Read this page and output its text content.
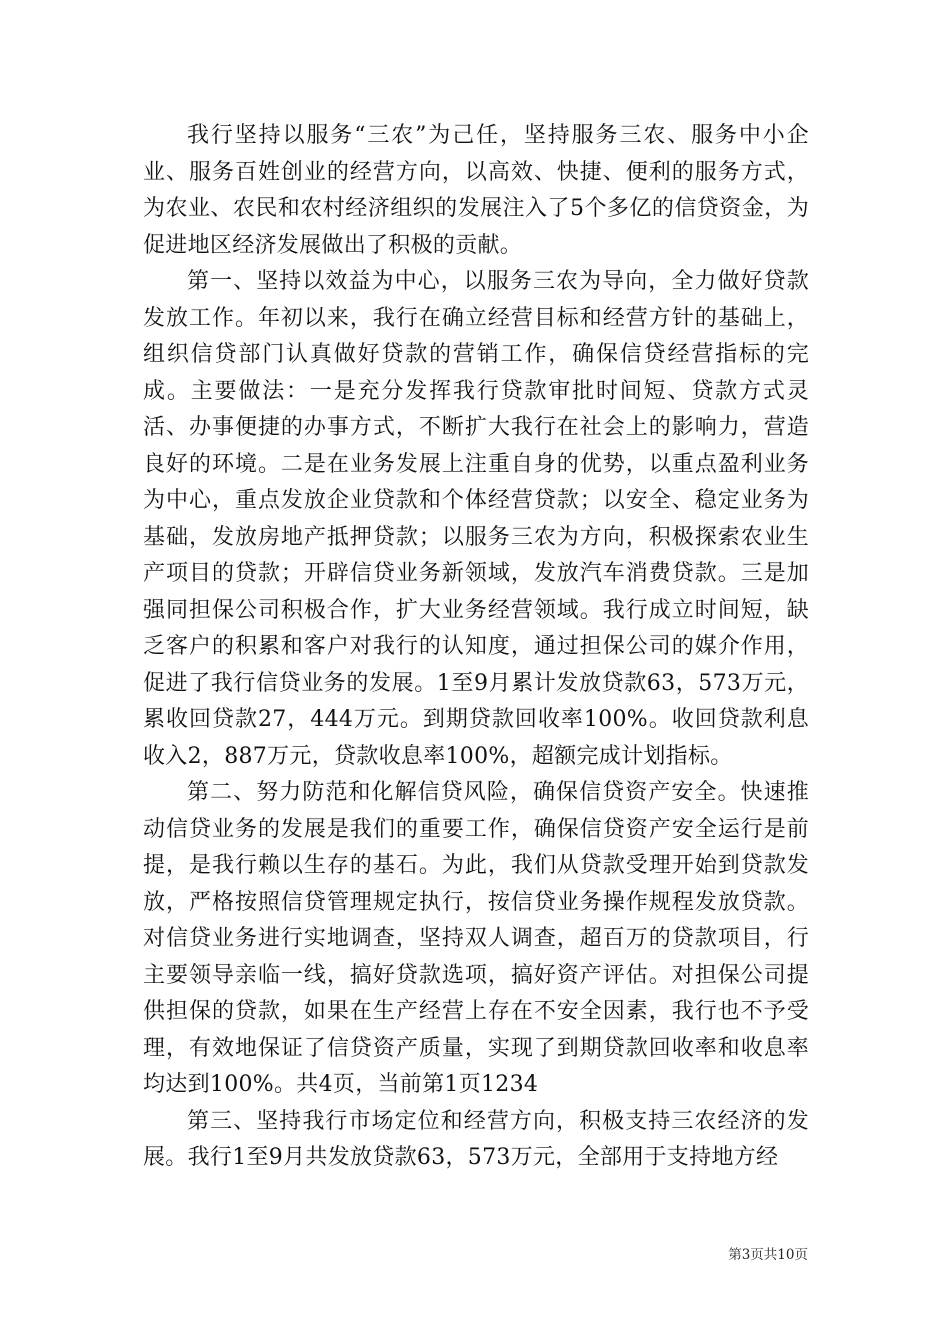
我行坚持以服务“三农”为己任，坚持服务三农、服务中小企业、服务百姓创业的经营方向，以高效、快捷、便利的服务方式，为农业、农民和农村经济组织的发展注入了5个多亿的信贷资金，为促进地区经济发展做出了积极的贡献。

第一、坚持以效益为中心，以服务三农为导向，全力做好贷款发放工作。年初以来，我行在确立经营目标和经营方针的基础上，组织信贷部门认真做好贷款的营销工作，确保信贷经营指标的完成。主要做法：一是充分发挥我行贷款审批时间短、贷款方式灵活、办事便捷的办事方式，不断扩大我行在社会上的影响力，营造良好的环境。二是在业务发展上注重自身的优势，以重点盈利业务为中心，重点发放企业贷款和个体经营贷款；以安全、稳定业务为基础，发放房地产抵押贷款；以服务三农为方向，积极探索农业生产项目的贷款；开辟信贷业务新领域，发放汽车消费贷款。三是加强同担保公司积极合作，扩大业务经营领域。我行成立时间短，缺乏客户的积累和客户对我行的认知度，通过担保公司的媒介作用，促进了我行信贷业务的发展。1至9月累计发放贷款63，573万元，累收回贷款27，444万元。到期贷款回收率100%。收回贷款利息收入2，887万元，贷款收息率100%，超额完成计划指标。

第二、努力防范和化解信贷风险，确保信贷资产安全。快速推动信贷业务的发展是我们的重要工作，确保信贷资产安全运行是前提，是我行赖以生存的基石。为此，我们从贷款受理开始到贷款发放，严格按照信贷管理规定执行，按信贷业务操作规程发放贷款。对信贷业务进行实地调查，坚持双人调查，超百万的贷款项目，行主要领导亲临一线，搞好贷款选项，搞好资产评估。对担保公司提供担保的贷款，如果在生产经营上存在不安全因素，我行也不予受理，有效地保证了信贷资产质量，实现了到期贷款回收率和收息率均达到100%。共4页，当前第1页1234

第三、坚持我行市场定位和经营方向，积极支持三农经济的发展。我行1至9月共发放贷款63，573万元，全部用于支持地方经

第3页共10页
